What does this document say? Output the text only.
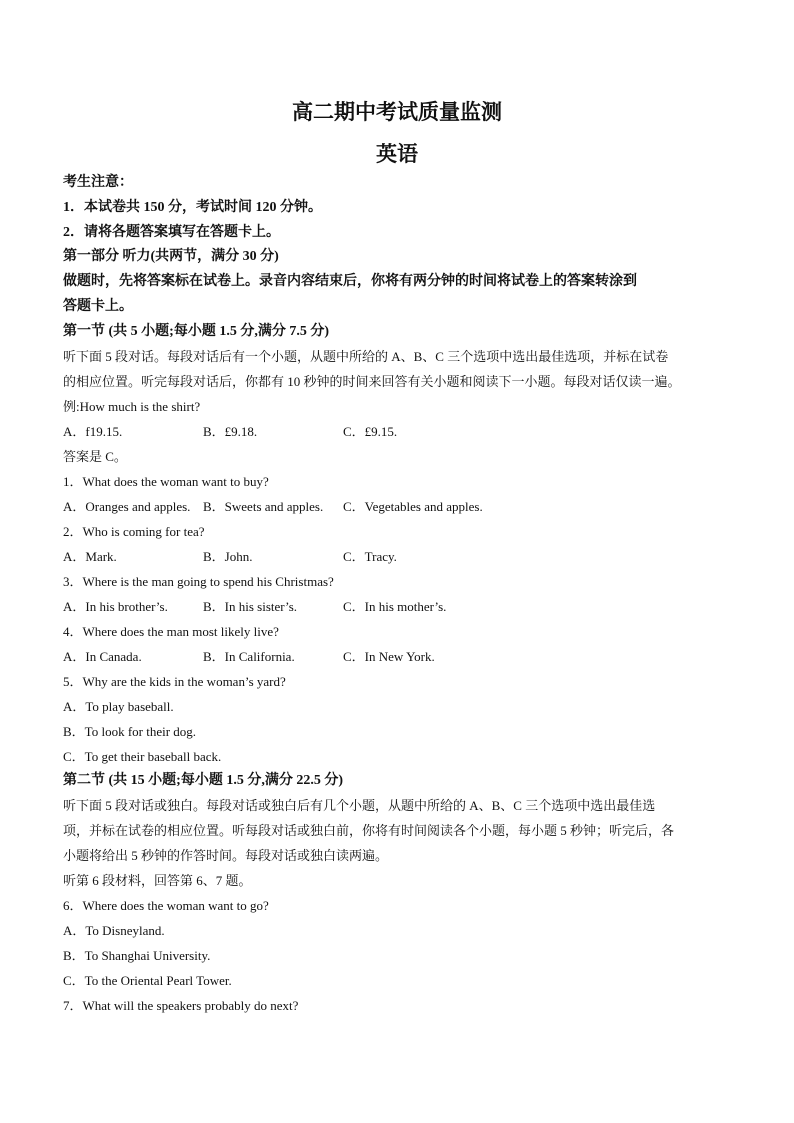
高二期中考试质量监测
英语

考生注意：

1．本试卷共 150 分，考试时间 120 分钟。

2．请将各题答案填写在答题卡上。

第一部分 听力(共两节，满分 30 分)

做题时，先将答案标在试卷上。录音内容结束后，你将有两分钟的时间将试卷上的答案转涂到

答题卡上。

第一节 (共 5 小题;每小题 1.5 分,满分 7.5 分)

听下面 5 段对话。每段对话后有一个小题，从题中所给的 A、B、C 三个选项中选出最佳选项，并标在试卷

的相应位置。听完每段对话后，你都有 10 秒钟的时间来回答有关小题和阅读下一小题。每段对话仅读一遍。

例:How much is the shirt?

A．f19.15.	B．£9.18.	C．£9.15.

答案是 C。

1．What does the woman want to buy?

A．Oranges and apples. B．Sweets and apples. C．Vegetables and apples.

2．Who is coming for tea?

A．Mark.	B．John.	C．Tracy.

3．Where is the man going to spend his Christmas?

A．In his brother’s.	B．In his sister’s.	C．In his mother’s.

4．Where does the man most likely live?

A．In Canada.	B．In California.	C．In New York.

5．Why are the kids in the woman’s yard?

A．To play baseball.

B．To look for their dog.

C．To get their baseball back.

第二节 (共 15 小题;每小题 1.5 分,满分 22.5 分)

听下面 5 段对话或独白。每段对话或独白后有几个小题，从题中所给的 A、B、C 三个选项中选出最佳选

项，并标在试卷的相应位置。听每段对话或独白前，你将有时间阅读各个小题，每小题 5 秒钟；听完后，各

小题将给出 5 秒钟的作答时间。每段对话或独白读两遍。

听第 6 段材料，回答第 6、7 题。

6．Where does the woman want to go?

A．To Disneyland.

B．To Shanghai University.

C．To the Oriental Pearl Tower.

7．What will the speakers probably do next?
